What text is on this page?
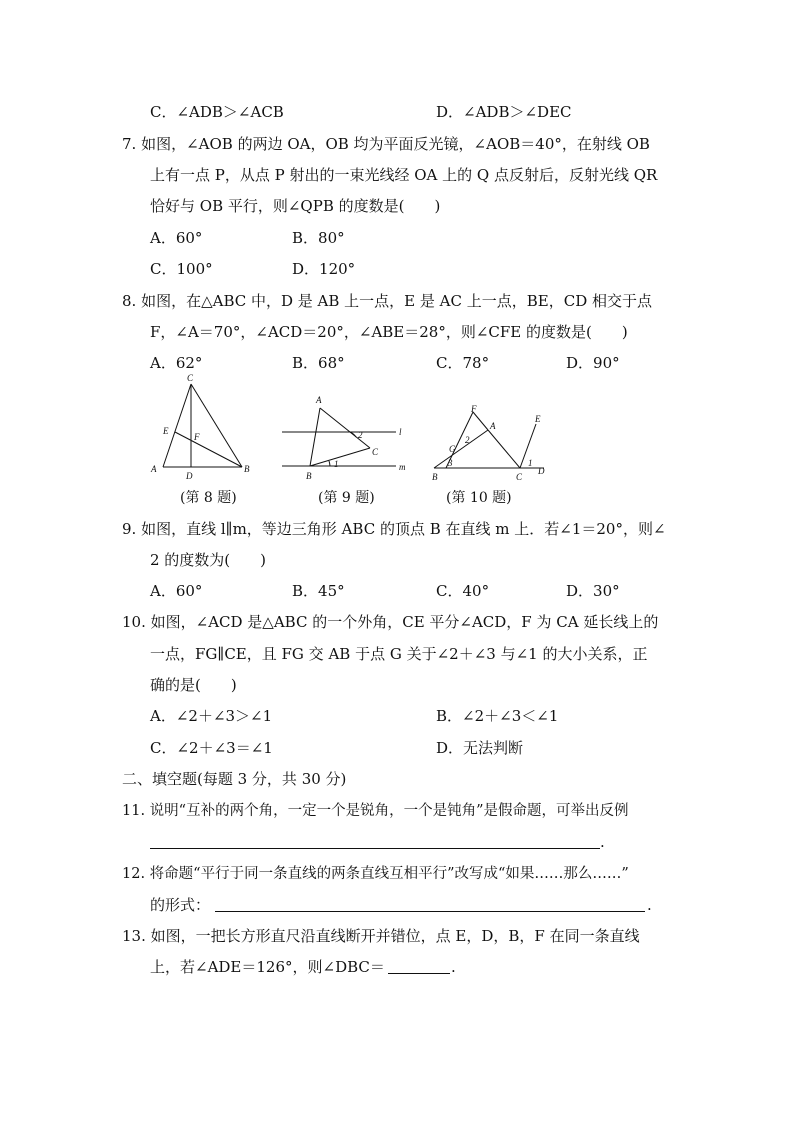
C．∠ADB＞∠ACB	D．∠ADB＞∠DEC
7. 如图，∠AOB 的两边 OA，OB 均为平面反光镜，∠AOB＝40°，在射线 OB
上有一点 P，从点 P 射出的一束光线经 OA 上的 Q 点反射后，反射光线 QR
恰好与 OB 平行，则∠QPB 的度数是(　　)
A．60°	B．80°
C．100°	D．120°
8. 如图，在△ABC 中，D 是 AB 上一点，E 是 AC 上一点，BE，CD 相交于点
F，∠A＝70°，∠ACD＝20°，∠ABE＝28°，则∠CFE 的度数是(　　)
A．62°	B．68°	C．78°	D．90°
C
E
F
A
D
B
(第 8 题)
A
2	l
C
1	m
B
(第 9 题)
F
A
E
G
2
3	1
B	C
D
(第 10 题)
9. 如图，直线 l∥m，等边三角形 ABC 的顶点 B 在直线 m 上．若∠1＝20°，则∠
2 的度数为(　　)
A．60°	B．45°	C．40°	D．30°
10. 如图，∠ACD 是△ABC 的一个外角，CE 平分∠ACD，F 为 CA 延长线上的
一点，FG∥CE，且 FG 交 AB 于点 G 关于∠2＋∠3 与∠1 的大小关系，正
确的是(　　)
A．∠2＋∠3＞∠1	B．∠2＋∠3＜∠1
C．∠2＋∠3＝∠1	D．无法判断
二、填空题(每题 3 分，共 30 分)
11. 说明“互补的两个角，一定一个是锐角，一个是钝角”是假命题，可举出反例
.
12. 将命题“平行于同一条直线的两条直线互相平行”改写成“如果……那么……”
的形式：	.
13. 如图，一把长方形直尺沿直线断开并错位，点 E，D，B，F 在同一条直线
上，若∠ADE＝126°，则∠DBC＝	.
